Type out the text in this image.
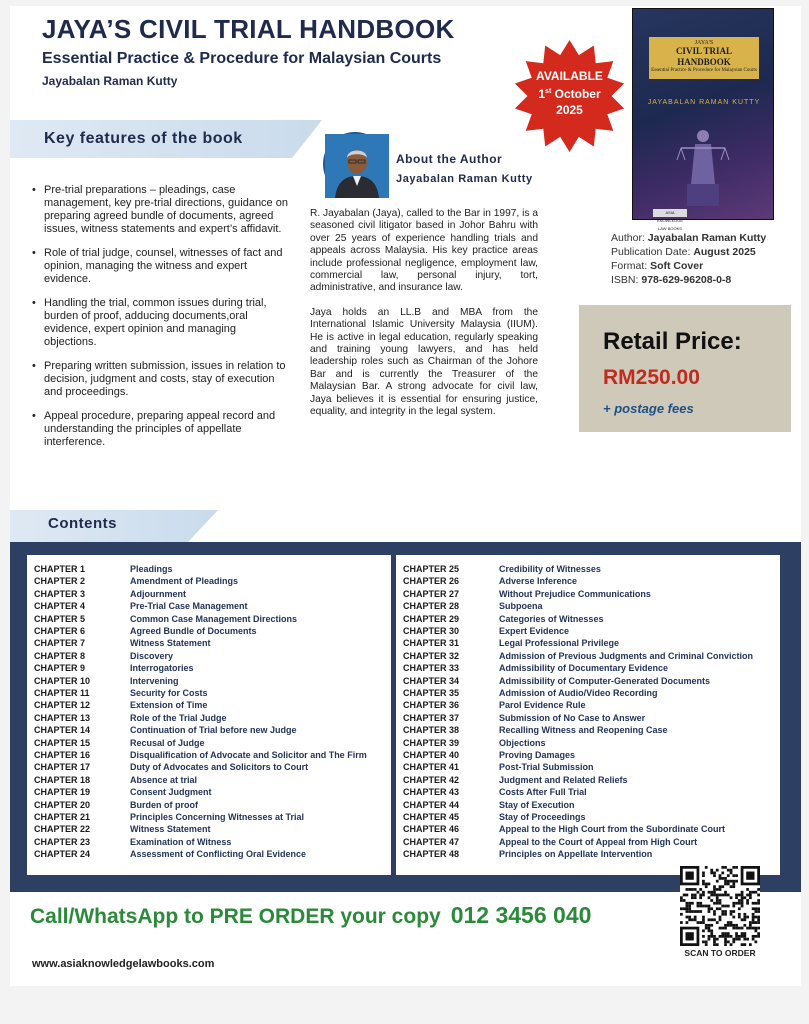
JAYA’S CIVIL TRIAL HANDBOOK
Essential Practice & Procedure for Malaysian Courts
Jayabalan Raman Kutty	AVAILABLE
1st October
2025
JAYA'S
CIVIL TRIAL HANDBOOK
Essential Practice & Procedure for Malaysian Courts
JAYABALAN RAMAN KUTTY
ASIA KNOWLEDGE LAW BOOKS
Key features of the book
• Pre-trial preparations – pleadings, case management, key pre-trial directions, guidance on preparing agreed bundle of documents, agreed issues, witness statements and expert’s affidavit.
• Role of trial judge, counsel, witnesses of fact and opinion, managing the witness and expert evidence.
• Handling the trial, common issues during trial, burden of proof, adducing documents,oral evidence, expert opinion and managing objections.
• Preparing written submission, issues in relation to decision, judgment and costs, stay of execution and proceedings.
• Appeal procedure, preparing appeal record and understanding the principles of appellate interference.
About the Author
Jayabalan Raman Kutty

R. Jayabalan (Jaya), called to the Bar in 1997, is a seasoned civil litigator based in Johor Bahru with over 25 years of experience handling trials and appeals across Malaysia. His key practice areas include professional negligence, employment law, commercial law, personal injury, tort, administrative, and insurance law.

Jaya holds an LL.B and MBA from the International Islamic University Malaysia (IIUM). He is active in legal education, regularly speaking and training young lawyers, and has held leadership roles such as Chairman of the Johore Bar and is currently the Treasurer of the Malaysian Bar. A strong advocate for civil law, Jaya believes it is essential for ensuring justice, equality, and integrity in the legal system.

Author: Jayabalan Raman Kutty
Publication Date: August 2025
Format: Soft Cover
ISBN: 978-629-96208-0-8
Retail Price:
RM250.00
+ postage fees
Contents
CHAPTER 1	Pleadings
CHAPTER 2	Amendment of Pleadings
CHAPTER 3	Adjournment
CHAPTER 4	Pre-Trial Case Management
CHAPTER 5	Common Case Management Directions
CHAPTER 6	Agreed Bundle of Documents
CHAPTER 7	Witness Statement
CHAPTER 8	Discovery
CHAPTER 9	Interrogatories
CHAPTER 10	Intervening
CHAPTER 11	Security for Costs
CHAPTER 12	Extension of Time
CHAPTER 13	Role of the Trial Judge
CHAPTER 14	Continuation of Trial before new Judge
CHAPTER 15	Recusal of Judge
CHAPTER 16	Disqualification of Advocate and Solicitor and The Firm
CHAPTER 17	Duty of Advocates and Solicitors to Court
CHAPTER 18	Absence at trial
CHAPTER 19	Consent Judgment
CHAPTER 20	Burden of proof
CHAPTER 21	Principles Concerning Witnesses at Trial
CHAPTER 22	Witness Statement
CHAPTER 23	Examination of Witness
CHAPTER 24	Assessment of Conflicting Oral Evidence
CHAPTER 25	Credibility of Witnesses
CHAPTER 26	Adverse Inference
CHAPTER 27	Without Prejudice Communications
CHAPTER 28	Subpoena
CHAPTER 29	Categories of Witnesses
CHAPTER 30	Expert Evidence
CHAPTER 31	Legal Professional Privilege
CHAPTER 32	Admission of Previous Judgments and Criminal Conviction
CHAPTER 33	Admissibility of Documentary Evidence
CHAPTER 34	Admissibility of Computer-Generated Documents
CHAPTER 35	Admission of Audio/Video Recording
CHAPTER 36	Parol Evidence Rule
CHAPTER 37	Submission of No Case to Answer
CHAPTER 38	Recalling Witness and Reopening Case
CHAPTER 39	Objections
CHAPTER 40	Proving Damages
CHAPTER 41	Post-Trial Submission
CHAPTER 42	Judgment and Related Reliefs
CHAPTER 43	Costs After Full Trial
CHAPTER 44	Stay of Execution
CHAPTER 45	Stay of Proceedings
CHAPTER 46	Appeal to the High Court from the Subordinate Court
CHAPTER 47	Appeal to the Court of Appeal from High Court
CHAPTER 48	Principles on Appellate Intervention
Call/WhatsApp to PRE ORDER your copy 012 3456 040
www.asiaknowledgelawbooks.com
SCAN TO ORDER
